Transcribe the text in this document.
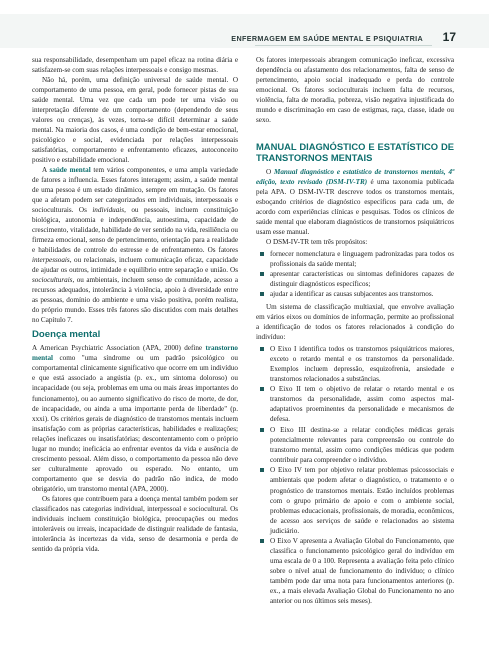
ENFERMAGEM EM SAÚDE MENTAL E PSIQUIATRIA 17

sua responsabilidade, desempenham um papel eficaz na rotina diária e satisfazem-se com suas relações interpessoais e consigo mesmas.

Não há, porém, uma definição universal de saúde mental. O comportamento de uma pessoa, em geral, pode fornecer pistas de sua saúde mental. Uma vez que cada um pode ter uma visão ou interpretação diferente de um comportamento (dependendo de seus valores ou crenças), às vezes, torna-se difícil determinar a saúde mental. Na maioria dos casos, é uma condição de bem-estar emocional, psicológico e social, evidenciada por relações interpessoais satisfatórias, comportamento e enfrentamento eficazes, autoconceito positivo e estabilidade emocional.

A saúde mental tem vários componentes, e uma ampla variedade de fatores a influencia. Esses fatores interagem; assim, a saúde mental de uma pessoa é um estado dinâmico, sempre em mutação. Os fatores que a afetam podem ser categorizados em individuais, interpessoais e socioculturais. Os individuais, ou pessoais, incluem constituição biológica, autonomia e independência, autoestima, capacidade de crescimento, vitalidade, habilidade de ver sentido na vida, resiliência ou firmeza emocional, senso de pertencimento, orientação para a realidade e habilidades de controle do estresse e de enfrentamento. Os fatores interpessoais, ou relacionais, incluem comunicação eficaz, capacidade de ajudar os outros, intimidade e equilíbrio entre separação e união. Os socioculturais, ou ambientais, incluem senso de comunidade, acesso a recursos adequados, intolerância à violência, apoio à diversidade entre as pessoas, domínio do ambiente e uma visão positiva, porém realista, do próprio mundo. Esses três fatores são discutidos com mais detalhes no Capítulo 7.

Doença mental

A American Psychiatric Association (APA, 2000) define transtorno mental como "uma síndrome ou um padrão psicológico ou comportamental clinicamente significativo que ocorre em um indivíduo e que está associado a angústia (p. ex., um sintoma doloroso) ou incapacidade (ou seja, problemas em uma ou mais áreas importantes do funcionamento), ou ao aumento significativo do risco de morte, de dor, de incapacidade, ou ainda a uma importante perda de liberdade" (p. xxxi). Os critérios gerais de diagnóstico de transtornos mentais incluem insatisfação com as próprias características, habilidades e realizações; relações ineficazes ou insatisfatórias; descontentamento com o próprio lugar no mundo; ineficácia ao enfrentar eventos da vida e ausência de crescimento pessoal. Além disso, o comportamento da pessoa não deve ser culturalmente aprovado ou esperado. No entanto, um comportamento que se desvia do padrão não indica, de modo obrigatório, um transtorno mental (APA, 2000).

Os fatores que contribuem para a doença mental também podem ser classificados nas categorias individual, interpessoal e sociocultural. Os individuais incluem constituição biológica, preocupações ou medos intoleráveis ou irreais, incapacidade de distinguir realidade de fantasia, intolerância às incertezas da vida, senso de desarmonia e perda de sentido da própria vida.

Os fatores interpessoais abrangem comunicação ineficaz, excessiva dependência ou afastamento dos relacionamentos, falta de senso de pertencimento, apoio social inadequado e perda do controle emocional. Os fatores socioculturais incluem falta de recursos, violência, falta de moradia, pobreza, visão negativa injustificada do mundo e discriminação em caso de estigmas, raça, classe, idade ou sexo.

MANUAL DIAGNÓSTICO E ESTATÍSTICO DE TRANSTORNOS MENTAIS

O Manual diagnóstico e estatístico de transtornos mentais, 4ª edição, texto revisado (DSM-IV-TR) é uma taxonomia publicada pela APA. O DSM-IV-TR descreve todos os transtornos mentais, esboçando critérios de diagnóstico específicos para cada um, de acordo com experiências clínicas e pesquisas. Todos os clínicos de saúde mental que elaboram diagnósticos de transtornos psiquiátricos usam esse manual.

O DSM-IV-TR tem três propósitos:

fornecer nomenclatura e linguagem padronizadas para todos os profissionais da saúde mental;
apresentar características ou sintomas definidores capazes de distinguir diagnósticos específicos;
ajudar a identificar as causas subjacentes aos transtornos.

Um sistema de classificação multiaxial, que envolve avaliação em vários eixos ou domínios de informação, permite ao profissional a identificação de todos os fatores relacionados à condição do indivíduo:

O Eixo I identifica todos os transtornos psiquiátricos maiores, exceto o retardo mental e os transtornos da personalidade. Exemplos incluem depressão, esquizofrenia, ansiedade e transtornos relacionados a substâncias.
O Eixo II tem o objetivo de relatar o retardo mental e os transtornos da personalidade, assim como aspectos mal-adaptativos proeminentes da personalidade e mecanismos de defesa.
O Eixo III destina-se a relatar condições médicas gerais potencialmente relevantes para compreensão ou controle do transtorno mental, assim como condições médicas que podem contribuir para compreender o indivíduo.
O Eixo IV tem por objetivo relatar problemas psicossociais e ambientais que podem afetar o diagnóstico, o tratamento e o prognóstico de transtornos mentais. Estão incluídos problemas com o grupo primário de apoio e com o ambiente social, problemas educacionais, profissionais, de moradia, econômicos, de acesso aos serviços de saúde e relacionados ao sistema judiciário.
O Eixo V apresenta a Avaliação Global do Funcionamento, que classifica o funcionamento psicológico geral do indivíduo em uma escala de 0 a 100. Representa a avaliação feita pelo clínico sobre o nível atual de funcionamento do indivíduo; o clínico também pode dar uma nota para funcionamentos anteriores (p. ex., a mais elevada Avaliação Global do Funcionamento no ano anterior ou nos últimos seis meses).
